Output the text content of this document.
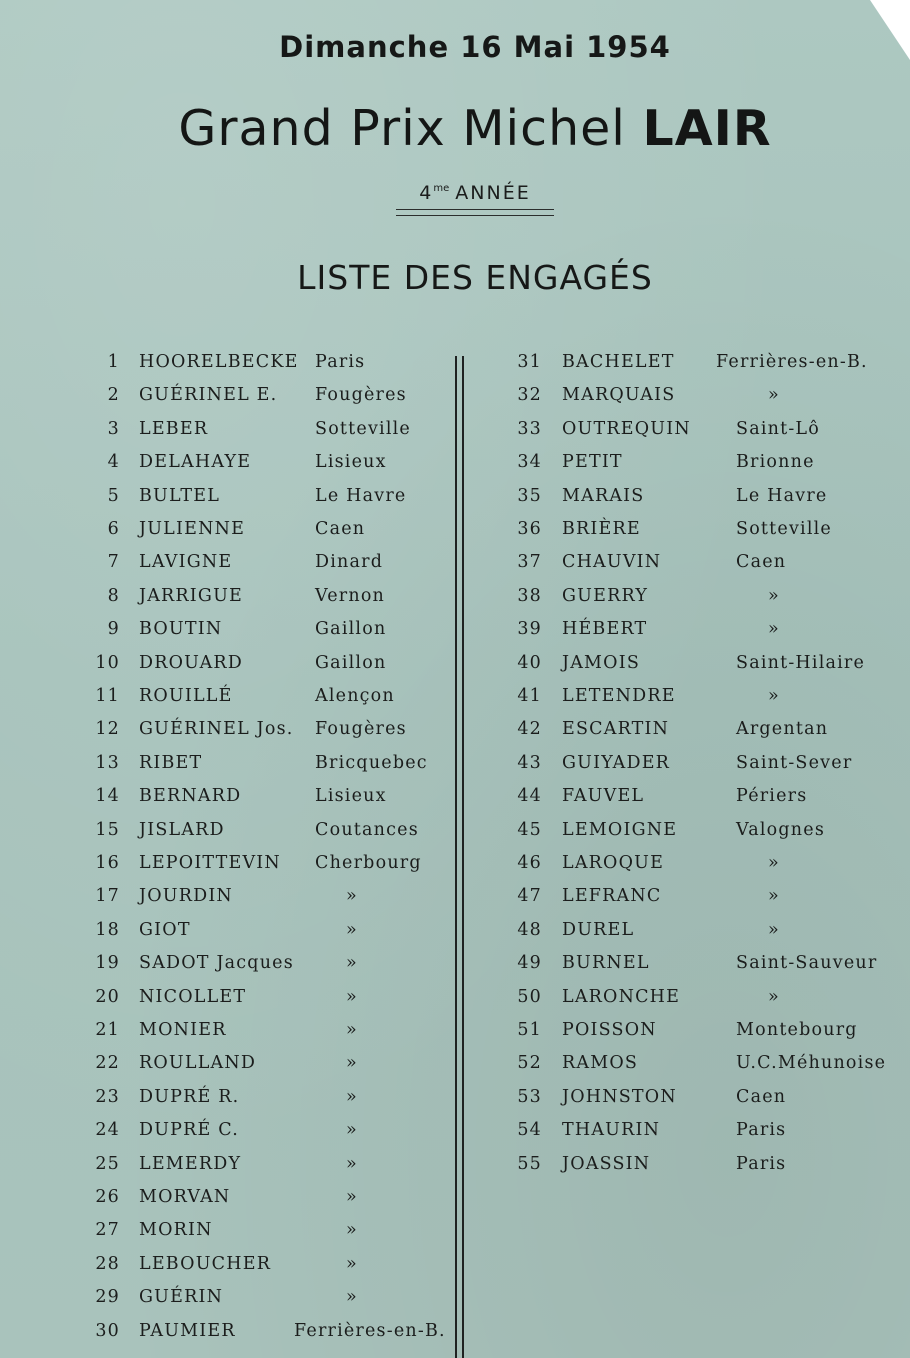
Dimanche 16 Mai 1954
Grand Prix Michel LAIR
$4^{me}$ ANNÉE
LISTE DES ENGAGÉS
1 HOORELBECKE Paris
2 GUÉRINEL E. Fougères
3 LEBER	Sotteville
4 DELAHAYE	Lisieux
5 BULTEL	Le Havre
6 JULIENNE	Caen
7 LAVIGNE	Dinard
8 JARRIGUE	Vernon
9 BOUTIN	Gaillon
10 DROUARD	Gaillon
11 ROUILLÉ	Alençon
12 GUÉRINEL Jos. Fougères
13 RIBET	Bricquebec
14 BERNARD	Lisieux
15 JISLARD	Coutances
16 LEPOITTEVIN Cherbourg
17 JOURDIN	»
18 GIOT	»
19 SADOT Jacques	»
20 NICOLLET	»
21 MONIER	»
22 ROULLAND	»
23 DUPRÉ R.	»
24 DUPRÉ C.	»
25 LEMERDY	»
26 MORVAN	»
27 MORIN	»
28 LEBOUCHER	»
29 GUÉRIN	»
30 PAUMIER	Ferrières-en-B.
31 BACHELET Ferrières-en-B.
32 MARQUAIS	»
33 OUTREQUIN	Saint-Lô
34 PETIT	Brionne
35 MARAIS	Le Havre
36 BRIÈRE	Sotteville
37 CHAUVIN	Caen
38 GUERRY	»
39 HÉBERT	»
40 JAMOIS	Saint-Hilaire
41 LETENDRE	»
42 ESCARTIN	Argentan
43 GUIYADER	Saint-Sever
44 FAUVEL	Périers
45 LEMOIGNE	Valognes
46 LAROQUE	»
47 LEFRANC	»
48 DUREL	»
49 BURNEL	Saint-Sauveur
50 LARONCHE	»
51 POISSON	Montebourg
52 RAMOS	U.C.Méhunoise
53 JOHNSTON	Caen
54 THAURIN	Paris
55 JOASSIN	Paris
